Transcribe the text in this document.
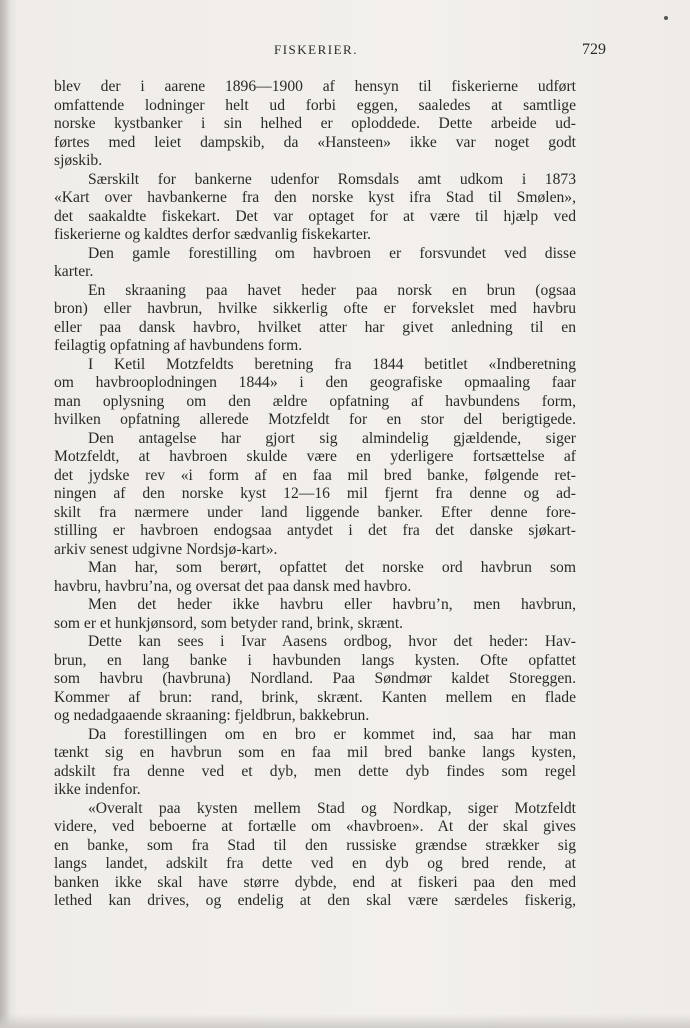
FISKERIER.	729
blev der i aarene 1896—1900 af hensyn til fiskerierne udført
omfattende lodninger helt ud forbi eggen, saaledes at samtlige
norske kystbanker i sin helhed er oploddede. Dette arbeide ud-
førtes med leiet dampskib, da «Hansteen» ikke var noget godt
sjøskib.
Særskilt for bankerne udenfor Romsdals amt udkom i 1873
«Kart over havbankerne fra den norske kyst ifra Stad til Smølen»,
det saakaldte fiskekart. Det var optaget for at være til hjælp ved
fiskerierne og kaldtes derfor sædvanlig fiskekarter.
Den gamle forestilling om havbroen er forsvundet ved disse
karter.
En skraaning paa havet heder paa norsk en brun (ogsaa
bron) eller havbrun, hvilke sikkerlig ofte er forvekslet med havbru
eller paa dansk havbro, hvilket atter har givet anledning til en
feilagtig opfatning af havbundens form.
I Ketil Motzfeldts beretning fra 1844 betitlet «Indberetning
om havbrooplodningen 1844» i den geografiske opmaaling faar
man oplysning om den ældre opfatning af havbundens form,
hvilken opfatning allerede Motzfeldt for en stor del berigtigede.
Den antagelse har gjort sig almindelig gjældende, siger
Motzfeldt, at havbroen skulde være en yderligere fortsættelse af
det jydske rev «i form af en faa mil bred banke, følgende ret-
ningen af den norske kyst 12—16 mil fjernt fra denne og ad-
skilt fra nærmere under land liggende banker. Efter denne fore-
stilling er havbroen endogsaa antydet i det fra det danske sjøkart-
arkiv senest udgivne Nordsjø-kart».
Man har, som berørt, opfattet det norske ord havbrun som
havbru, havbru’na, og oversat det paa dansk med havbro.
Men det heder ikke havbru eller havbru’n, men havbrun,
som er et hunkjønsord, som betyder rand, brink, skrænt.
Dette kan sees i Ivar Aasens ordbog, hvor det heder: Hav-
brun, en lang banke i havbunden langs kysten. Ofte opfattet
som havbru (havbruna) Nordland. Paa Søndmør kaldet Storeggen.
Kommer af brun: rand, brink, skrænt. Kanten mellem en flade
og nedadgaaende skraaning: fjeldbrun, bakkebrun.
Da forestillingen om en bro er kommet ind, saa har man
tænkt sig en havbrun som en faa mil bred banke langs kysten,
adskilt fra denne ved et dyb, men dette dyb findes som regel
ikke indenfor.
«Overalt paa kysten mellem Stad og Nordkap, siger Motzfeldt
videre, ved beboerne at fortælle om «havbroen». At der skal gives
en banke, som fra Stad til den russiske grændse strækker sig
langs landet, adskilt fra dette ved en dyb og bred rende, at
banken ikke skal have større dybde, end at fiskeri paa den med
lethed kan drives, og endelig at den skal være særdeles fiskerig,
